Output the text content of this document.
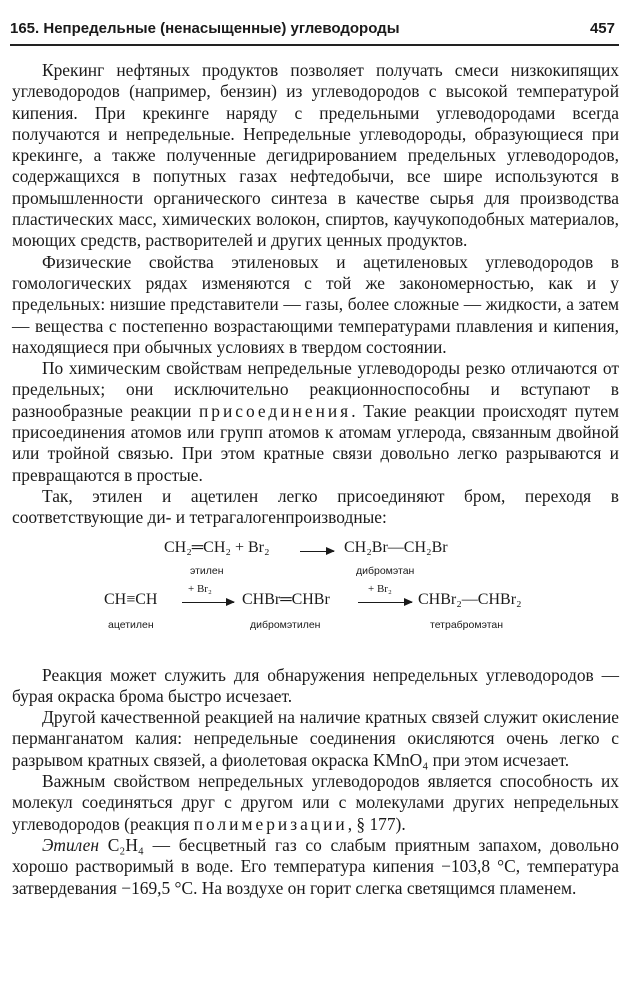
165. Непредельные (ненасыщенные) углеводороды	457

Крекинг нефтяных продуктов позволяет получать смеси низкокипящих углеводородов (например, бензин) из углеводородов с высокой температурой кипения. При крекинге наряду с предельными углеводородами всегда получаются и непредельные. Непредельные углеводороды, образующиеся при крекинге, а также полученные дегидрированием предельных углеводородов, содержащихся в попутных газах нефтедобычи, все шире используются в промышленности органического синтеза в качестве сырья для производства пластических масс, химических волокон, спиртов, каучукоподобных материалов, моющих средств, растворителей и других ценных продуктов.

Физические свойства этиленовых и ацетиленовых углеводородов в гомологических рядах изменяются с той же закономерностью, как и у предельных: низшие представители — газы, более сложные — жидкости, а затем — вещества с постепенно возрастающими температурами плавления и кипения, находящиеся при обычных условиях в твердом состоянии.

По химическим свойствам непредельные углеводороды резко отличаются от предельных; они исключительно реакционноспособны и вступают в разнообразные реакции присоединения. Такие реакции происходят путем присоединения атомов или групп атомов к атомам углерода, связанным двойной или тройной связью. При этом кратные связи довольно легко разрываются и превращаются в простые.

Так, этилен и ацетилен легко присоединяют бром, переходя в соответствующие ди- и тетрагалогенпроизводные:

CH₂═CH₂ + Br₂	CH₂Br—CH₂Br
этилен	дибромэтан
CH≡CH
+ Br₂
CHBr═CHBr
+ Br₂
CHBr₂—CHBr₂
ацетилен	дибромэтилен	тетрабромэтан

Реакция может служить для обнаружения непредельных углеводородов — бурая окраска брома быстро исчезает.

Другой качественной реакцией на наличие кратных связей служит окисление перманганатом калия: непредельные соединения окисляются очень легко с разрывом кратных связей, а фиолетовая окраска KMnO₄ при этом исчезает.

Важным свойством непредельных углеводородов является способность их молекул соединяться друг с другом или с молекулами других непредельных углеводородов (реакция полимеризации, § 177).

Этилен C₂H₄ — бесцветный газ со слабым приятным запахом, довольно хорошо растворимый в воде. Его температура кипения −103,8 °C, температура затвердевания −169,5 °C. На воздухе он горит слегка светящимся пламенем.
